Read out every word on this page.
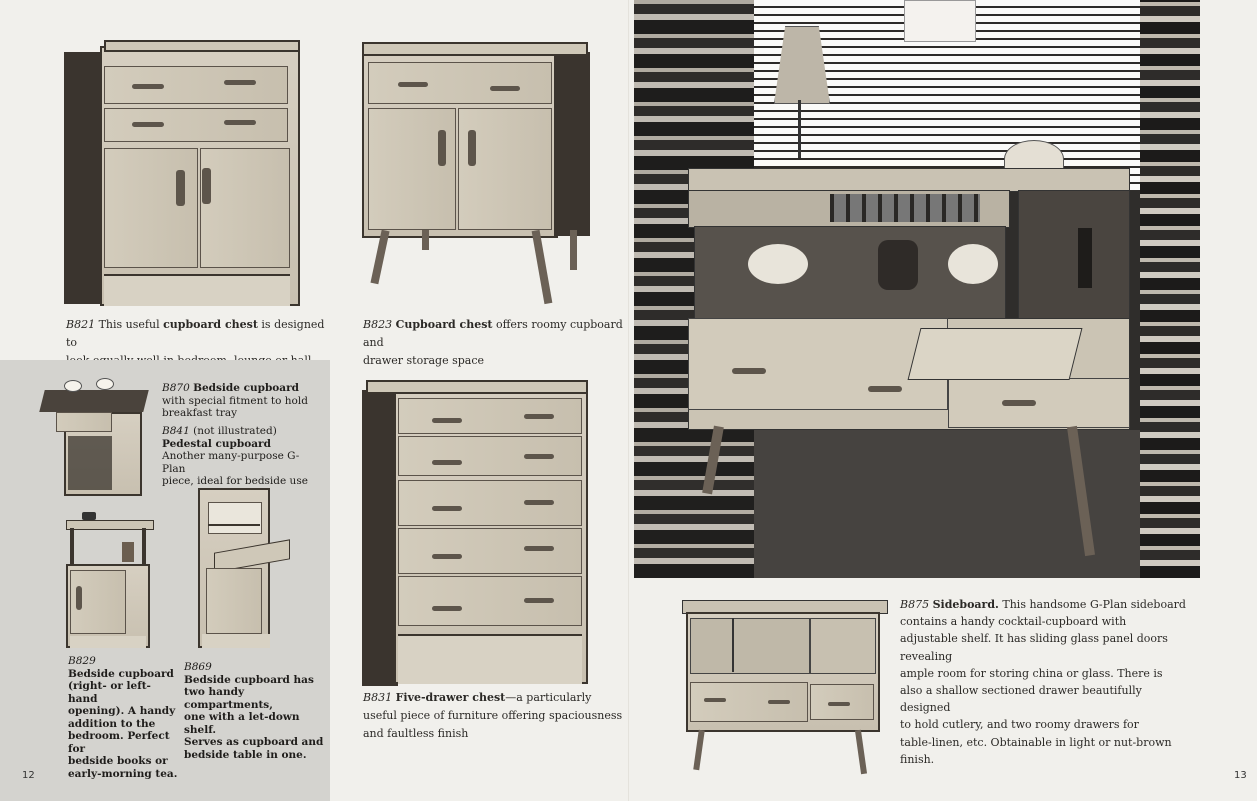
B821 This useful cupboard chest is designed to

B823 Cupboard chest offers roomy cupboard and
drawer storage space
B870 Bedside cupboard
with special fitment to hold
breakfast tray
B841 (not illustrated)
Pedestal cupboard
Another many-purpose G-Plan
piece, ideal for bedside use
B829
Bedside cupboard
(right- or left-hand
opening). A handy
addition to the
bedroom. Perfect for
bedside books or
early-morning tea.
B869
Bedside cupboard has
two handy compartments,
one with a let-down shelf.
Serves as cupboard and
bedside table in one.
12
B831 Five-drawer chest—a particularly
useful piece of furniture offering spaciousness
and faultless finish
B875 Sideboard. This handsome G-Plan sideboard
contains a handy cocktail-cupboard with
adjustable shelf. It has sliding glass panel doors revealing
ample room for storing china or glass. There is
also a shallow sectioned drawer beautifully designed
to hold cutlery, and two roomy drawers for
table-linen, etc. Obtainable in light or nut-brown finish.
13
